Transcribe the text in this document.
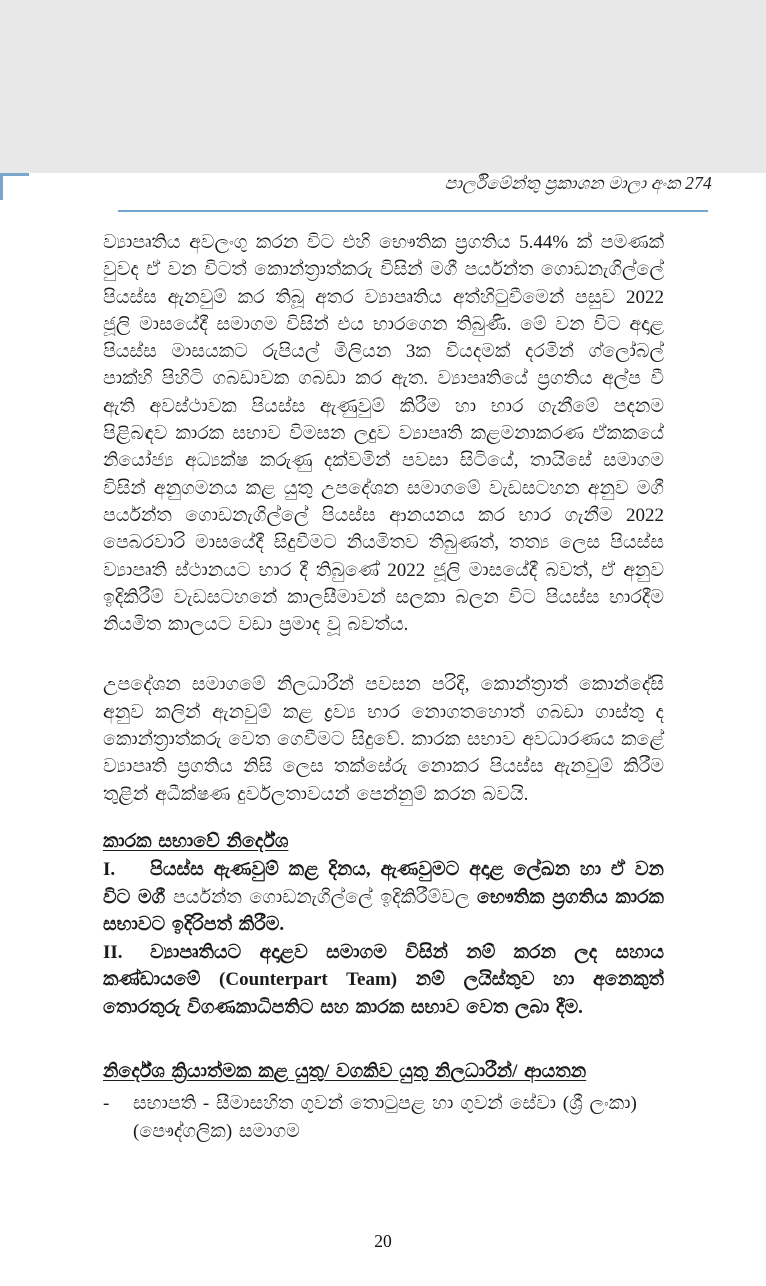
පාර්ලිමේන්තු ප්‍රකාශන මාලා අංක 274

ව්‍යාපෘතිය අවලංගු කරන විට එහි භෞතික ප්‍රගතිය 5.44% ක් පමණක් වුවද ඒ වන විටත් කොන්ත්‍රාත්කරු විසින් මගී පර්යන්ත ගොඩනැගිල්ලේ පියස්ස ඇනවුම් කර තිබූ අතර ව්‍යාපෘතිය අත්හිටුවීමෙන් පසුව 2022 ජූලි මාසයේදී සමාගම විසින් එය භාරගෙන තිබුණි. මේ වන විට අදාළ පියස්ස මාසයකට රුපියල් මිලියන 3ක වියදමක් දරමින් ග්ලෝබල් පාක්හි පිහිටි ගබඩාවක ගබඩා කර ඇත. ව්‍යාපෘතියේ ප්‍රගතිය අල්ප වී ඇති අවස්ථාවක පියස්ස ඇණුවුම් කිරීම හා භාර ගැනීමේ පදනම පිළිබඳව කාරක සභාව විමසන ලදුව ව්‍යාපෘති කළමනාකරණ ඒකකයේ නියෝජ්‍ය අධ්‍යක්ෂ කරුණු දක්වමින් පවසා සිටියේ, තායිසේ සමාගම විසින් අනුගමනය කළ යුතු උපදේශන සමාගමේ වැඩසටහන අනුව මගී පර්යන්ත ගොඩනැගිල්ලේ පියස්ස ආනයනය කර භාර ගැනීම 2022 පෙබරවාරි මාසයේදී සිදුවීමට නියමිතව තිබුණත්, තත්‍ය ලෙස පියස්ස ව්‍යාපෘති ස්ථානයට භාර දී තිබුණේ 2022 ජූලි මාසයේදී බවත්, ඒ අනුව ඉදිකිරීම් වැඩසටහනේ කාලසීමාවන් සලකා බලන විට පියස්ස භාරදීම නියමිත කාලයට වඩා ප්‍රමාද වූ බවත්ය.

උපදේශන සමාගමේ නිලධාරීන් පවසන පරිදි, කොන්ත්‍රාත් කොන්දේසි අනුව කලින් ඇනවුම් කළ ද්‍රව්‍ය භාර නොගතහොත් ගබඩා ගාස්තු ද කොන්ත්‍රාත්කරු වෙත ගෙවීමට සිදුවේ. කාරක සභාව අවධාරණය කළේ ව්‍යාපෘති ප්‍රගතිය නිසි ලෙස තක්සේරු නොකර පියස්ස ඇනවුම් කිරීම තුළින් අධීක්ෂණ දුර්වලතාවයන් පෙන්නුම් කරන බවයි.

කාරක සභාවේ නිර්දේශ

I. පියස්ස ඇණවුම් කළ දිනය, ඇණවුමට අදාළ ලේඛන හා ඒ වන විට මගී පර්යන්ත ගොඩනැගිල්ලේ ඉදිකිරීම්වල භෞතික ප්‍රගතිය කාරක සභාවට ඉදිරිපත් කිරීම.

II. ව්‍යාපෘතියට අදාළව සමාගම විසින් නම් කරන ලද සහාය කණ්ඩායමේ (Counterpart Team) නම් ලයිස්තුව හා අනෙකුත් තොරතුරු විගණකාධිපතිට සහ කාරක සභාව වෙත ලබා දීම.

නිර්දේශ ක්‍රියාත්මක කළ යුතු/ වගකිව යුතු නිලධාරීන්/ ආයතන
-	සභාපති - සීමාසහිත ගුවන් තොටුපළ හා ගුවන් සේවා (ශ්‍රී ලංකා) (පෞද්ගලික) සමාගම
20
